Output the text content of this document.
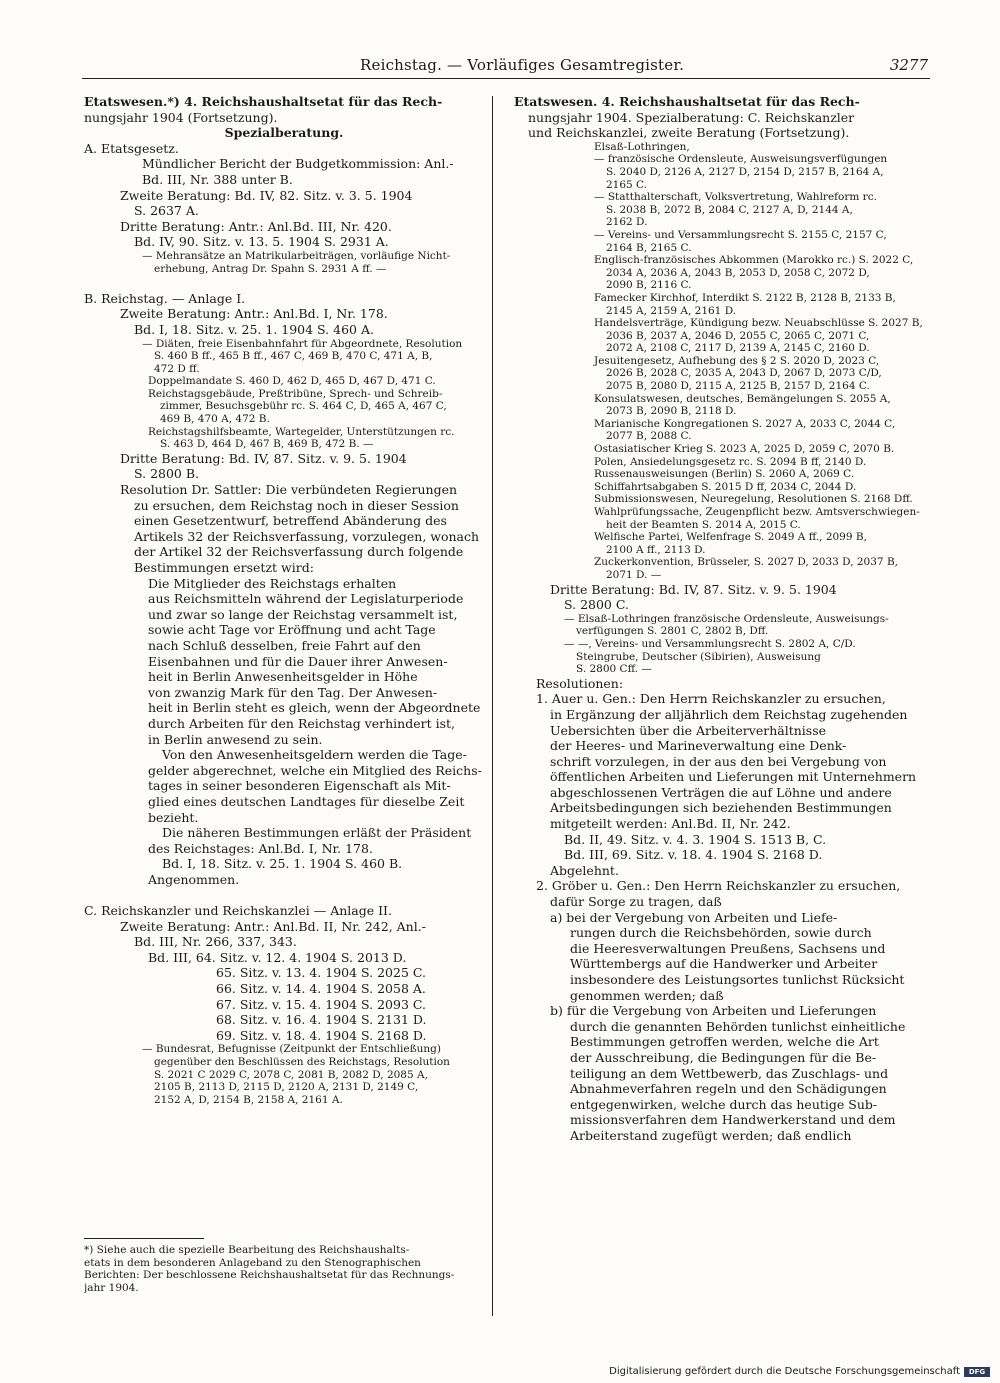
Reichstag. — Vorläufiges Gesamtregister.	3277

Etatswesen.*) 4. Reichshaushaltsetat für das Rech-

nungsjahr 1904 (Fortsetzung).

Spezialberatung.

A. Etatsgesetz.

Mündlicher Bericht der Budgetkommission: Anl.-

Bd. III, Nr. 388 unter B.

Zweite Beratung: Bd. IV, 82. Sitz. v. 3. 5. 1904

S. 2637 A.

Dritte Beratung: Antr.: Anl.Bd. III, Nr. 420.

Bd. IV, 90. Sitz. v. 13. 5. 1904 S. 2931 A.

— Mehransätze an Matrikularbeiträgen, vorläufige Nicht-

erhebung, Antrag Dr. Spahn S. 2931 A ff. —

B. Reichstag. — Anlage I.

Zweite Beratung: Antr.: Anl.Bd. I, Nr. 178.

Bd. I, 18. Sitz. v. 25. 1. 1904 S. 460 A.

— Diäten, freie Eisenbahnfahrt für Abgeordnete, Resolution

S. 460 B ff., 465 B ff., 467 C, 469 B, 470 C, 471 A, B,

472 D ff.

Doppelmandate S. 460 D, 462 D, 465 D, 467 D, 471 C.

Reichstagsgebäude, Preßtribüne, Sprech- und Schreib-

zimmer, Besuchsgebühr rc. S. 464 C, D, 465 A, 467 C,

469 B, 470 A, 472 B.

Reichstagshilfsbeamte, Wartegelder, Unterstützungen rc.

S. 463 D, 464 D, 467 B, 469 B, 472 B. —

Dritte Beratung: Bd. IV, 87. Sitz. v. 9. 5. 1904

S. 2800 B.

Resolution Dr. Sattler: Die verbündeten Regierungen

zu ersuchen, dem Reichstag noch in dieser Session

einen Gesetzentwurf, betreffend Abänderung des

Artikels 32 der Reichsverfassung, vorzulegen, wonach

der Artikel 32 der Reichsverfassung durch folgende

Bestimmungen ersetzt wird:

Die Mitglieder des Reichstags erhalten

aus Reichsmitteln während der Legislaturperiode

und zwar so lange der Reichstag versammelt ist,

sowie acht Tage vor Eröffnung und acht Tage

nach Schluß desselben, freie Fahrt auf den

Eisenbahnen und für die Dauer ihrer Anwesen-

heit in Berlin Anwesenheitsgelder in Höhe

von zwanzig Mark für den Tag. Der Anwesen-

heit in Berlin steht es gleich, wenn der Abgeordnete

durch Arbeiten für den Reichstag verhindert ist,

in Berlin anwesend zu sein.

Von den Anwesenheitsgeldern werden die Tage-

gelder abgerechnet, welche ein Mitglied des Reichs-

tages in seiner besonderen Eigenschaft als Mit-

glied eines deutschen Landtages für dieselbe Zeit

bezieht.

Die näheren Bestimmungen erläßt der Präsident

des Reichstages: Anl.Bd. I, Nr. 178.

Bd. I, 18. Sitz. v. 25. 1. 1904 S. 460 B.

Angenommen.

C. Reichskanzler und Reichskanzlei — Anlage II.

Zweite Beratung: Antr.: Anl.Bd. II, Nr. 242, Anl.-

Bd. III, Nr. 266, 337, 343.

Bd. III, 64. Sitz. v. 12. 4. 1904 S. 2013 D.

65. Sitz. v. 13. 4. 1904 S. 2025 C.

66. Sitz. v. 14. 4. 1904 S. 2058 A.

67. Sitz. v. 15. 4. 1904 S. 2093 C.

68. Sitz. v. 16. 4. 1904 S. 2131 D.

69. Sitz. v. 18. 4. 1904 S. 2168 D.

— Bundesrat, Befugnisse (Zeitpunkt der Entschließung)

gegenüber den Beschlüssen des Reichstags, Resolution

S. 2021 C 2029 C, 2078 C, 2081 B, 2082 D, 2085 A,

2105 B, 2113 D, 2115 D, 2120 A, 2131 D, 2149 C,

2152 A, D, 2154 B, 2158 A, 2161 A.

Etatswesen. 4. Reichshaushaltsetat für das Rech-

nungsjahr 1904. Spezialberatung: C. Reichskanzler

und Reichskanzlei, zweite Beratung (Fortsetzung).

Elsaß-Lothringen,

— französische Ordensleute, Ausweisungsverfügungen

S. 2040 D, 2126 A, 2127 D, 2154 D, 2157 B, 2164 A,

2165 C.

— Statthalterschaft, Volksvertretung, Wahlreform rc.

S. 2038 B, 2072 B, 2084 C, 2127 A, D, 2144 A,

2162 D.

— Vereins- und Versammlungsrecht S. 2155 C, 2157 C,

2164 B, 2165 C.

Englisch-französisches Abkommen (Marokko rc.) S. 2022 C,

2034 A, 2036 A, 2043 B, 2053 D, 2058 C, 2072 D,

2090 B, 2116 C.

Famecker Kirchhof, Interdikt S. 2122 B, 2128 B, 2133 B,

2145 A, 2159 A, 2161 D.

Handelsverträge, Kündigung bezw. Neuabschlüsse S. 2027 B,

2036 B, 2037 A, 2046 D, 2055 C, 2065 C, 2071 C,

2072 A, 2108 C, 2117 D, 2139 A, 2145 C, 2160 D.

Jesuitengesetz, Aufhebung des § 2 S. 2020 D, 2023 C,

2026 B, 2028 C, 2035 A, 2043 D, 2067 D, 2073 C/D,

2075 B, 2080 D, 2115 A, 2125 B, 2157 D, 2164 C.

Konsulatswesen, deutsches, Bemängelungen S. 2055 A,

2073 B, 2090 B, 2118 D.

Marianische Kongregationen S. 2027 A, 2033 C, 2044 C,

2077 B, 2088 C.

Ostasiatischer Krieg S. 2023 A, 2025 D, 2059 C, 2070 B.

Polen, Ansiedelungsgesetz rc. S. 2094 B ff, 2140 D.

Russenausweisungen (Berlin) S. 2060 A, 2069 C.

Schiffahrtsabgaben S. 2015 D ff, 2034 C, 2044 D.

Submissionswesen, Neuregelung, Resolutionen S. 2168 Dff.

Wahlprüfungssache, Zeugenpflicht bezw. Amtsverschwiegen-

heit der Beamten S. 2014 A, 2015 C.

Welfische Partei, Welfenfrage S. 2049 A ff., 2099 B,

2100 A ff., 2113 D.

Zuckerkonvention, Brüsseler, S. 2027 D, 2033 D, 2037 B,

2071 D. —

Dritte Beratung: Bd. IV, 87. Sitz. v. 9. 5. 1904

S. 2800 C.

— Elsaß-Lothringen französische Ordensleute, Ausweisungs-

verfügungen S. 2801 C, 2802 B, Dff.

— —, Vereins- und Versammlungsrecht S. 2802 A, C/D.

Steingrube, Deutscher (Sibirien), Ausweisung

S. 2800 Cff. —

Resolutionen:

1. Auer u. Gen.: Den Herrn Reichskanzler zu ersuchen,

in Ergänzung der alljährlich dem Reichstag zugehenden

Uebersichten über die Arbeiterverhältnisse

der Heeres- und Marineverwaltung eine Denk-

schrift vorzulegen, in der aus den bei Vergebung von

öffentlichen Arbeiten und Lieferungen mit Unternehmern

abgeschlossenen Verträgen die auf Löhne und andere

Arbeitsbedingungen sich beziehenden Bestimmungen

mitgeteilt werden: Anl.Bd. II, Nr. 242.

Bd. II, 49. Sitz. v. 4. 3. 1904 S. 1513 B, C.

Bd. III, 69. Sitz. v. 18. 4. 1904 S. 2168 D.

Abgelehnt.

2. Gröber u. Gen.: Den Herrn Reichskanzler zu ersuchen,

dafür Sorge zu tragen, daß

a) bei der Vergebung von Arbeiten und Liefe-

rungen durch die Reichsbehörden, sowie durch

die Heeresverwaltungen Preußens, Sachsens und

Württembergs auf die Handwerker und Arbeiter

insbesondere des Leistungsortes tunlichst Rücksicht

genommen werden; daß

b) für die Vergebung von Arbeiten und Lieferungen

durch die genannten Behörden tunlichst einheitliche

Bestimmungen getroffen werden, welche die Art

der Ausschreibung, die Bedingungen für die Be-

teiligung an dem Wettbewerb, das Zuschlags- und

Abnahmeverfahren regeln und den Schädigungen

entgegenwirken, welche durch das heutige Sub-

missionsverfahren dem Handwerkerstand und dem

Arbeiterstand zugefügt werden; daß endlich

*) Siehe auch die spezielle Bearbeitung des Reichshaushalts-

etats in dem besonderen Anlageband zu den Stenographischen

Berichten: Der beschlossene Reichshaushaltsetat für das Rechnungs-

jahr 1904.

Digitalisierung gefördert durch die Deutsche Forschungsgemeinschaft	DFG
